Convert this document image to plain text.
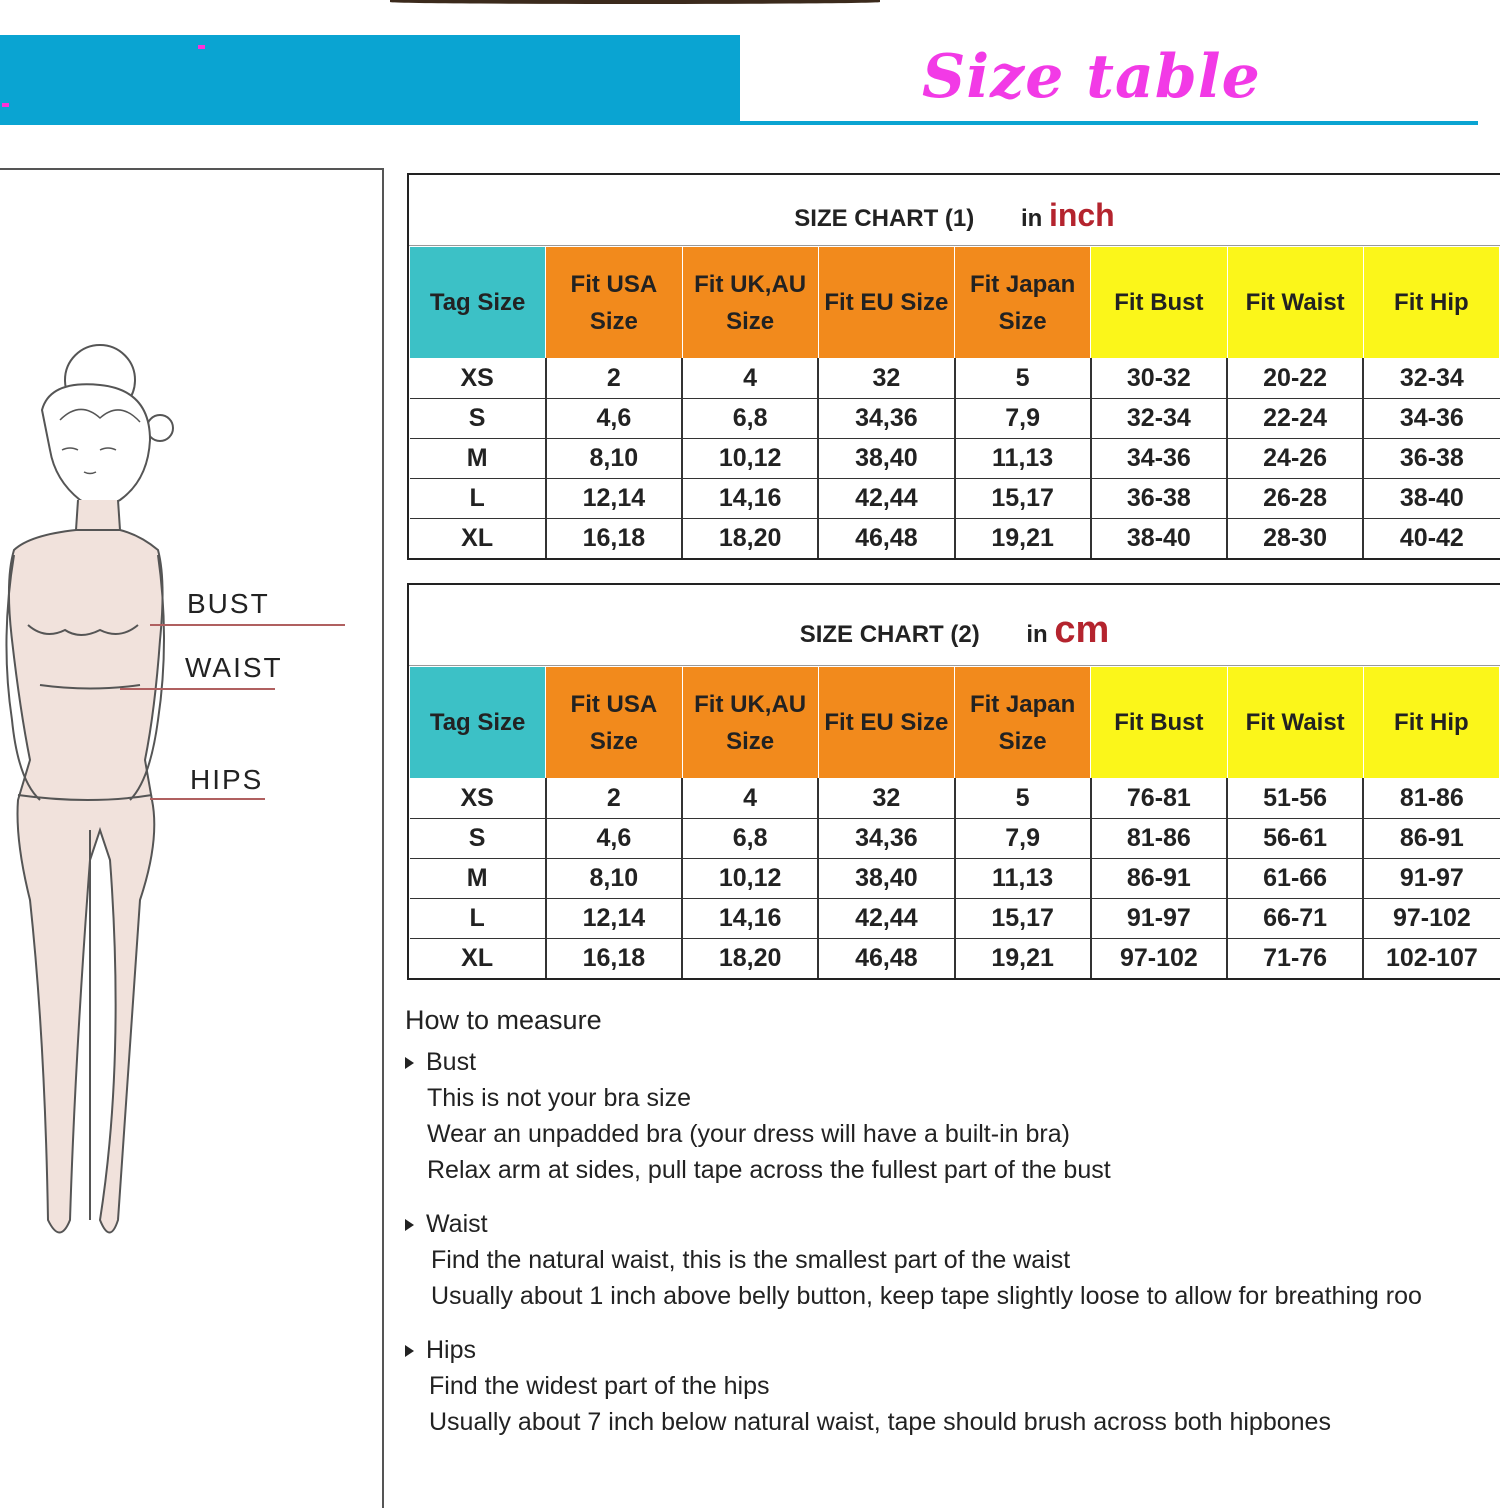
Size table
BUST
WAIST
HIPS
SIZE CHART (1) in inch
Tag Size	Fit USA Size	Fit UK,AU Size	Fit EU Size	Fit Japan Size	Fit Bust	Fit Waist	Fit Hip
XS	2	4	32	5	30-32	20-22	32-34
S	4,6	6,8	34,36	7,9	32-34	22-24	34-36
M	8,10	10,12	38,40	11,13	34-36	24-26	36-38
L	12,14	14,16	42,44	15,17	36-38	26-28	38-40
XL	16,18	18,20	46,48	19,21	38-40	28-30	40-42
SIZE CHART (2) in cm
Tag Size	Fit USA Size	Fit UK,AU Size	Fit EU Size	Fit Japan Size	Fit Bust	Fit Waist	Fit Hip
XS	2	4	32	5	76-81	51-56	81-86
S	4,6	6,8	34,36	7,9	81-86	56-61	86-91
M	8,10	10,12	38,40	11,13	86-91	61-66	91-97
L	12,14	14,16	42,44	15,17	91-97	66-71	97-102
XL	16,18	18,20	46,48	19,21	97-102	71-76	102-107
How to measure
Bust
This is not your bra size
Wear an unpadded bra (your dress will have a built-in bra)
Relax arm at sides, pull tape across the fullest part of the bust
Waist
Find the natural waist, this is the smallest part of the waist
Usually about 1 inch above belly button, keep tape slightly loose to allow for breathing roo
Hips
Find the widest part of the hips
Usually about 7 inch below natural waist, tape should brush across both hipbones
